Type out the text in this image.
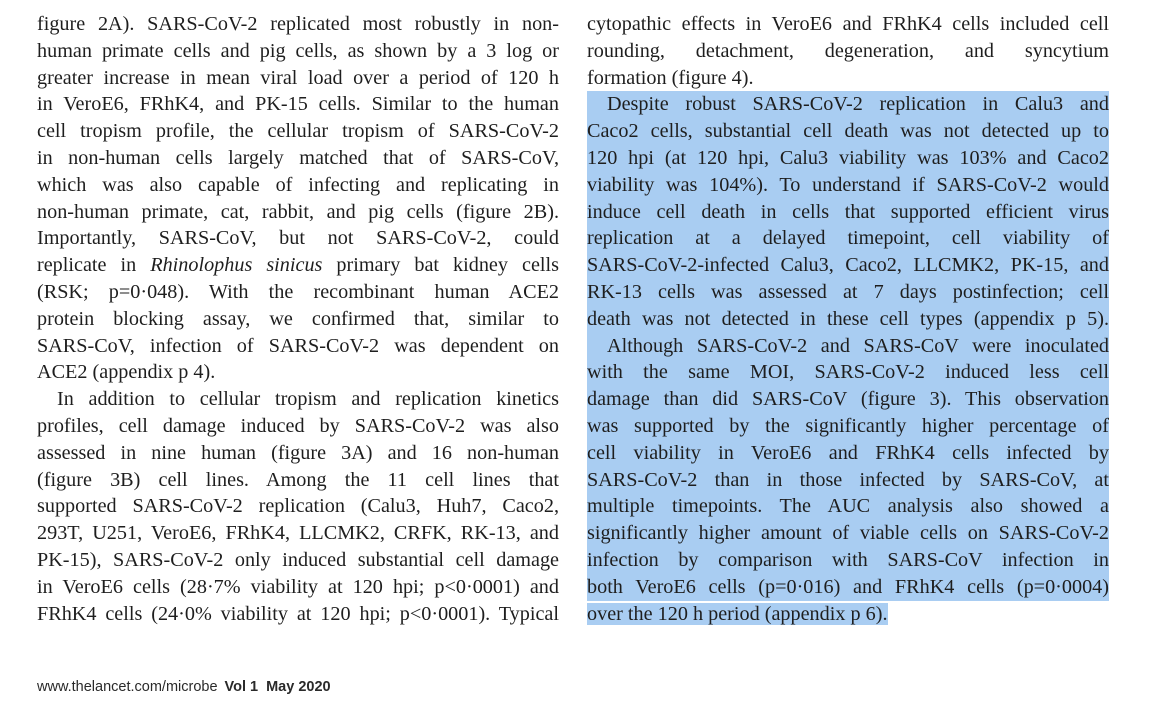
figure 2A). SARS-CoV-2 replicated most robustly in non-
human primate cells and pig cells, as shown by a 3 log or
greater increase in mean viral load over a period of 120 h
in VeroE6, FRhK4, and PK-15 cells. Similar to the human
cell tropism profile, the cellular tropism of SARS-CoV-2
in non-human cells largely matched that of SARS-CoV,
which was also capable of infecting and replicating in
non-human primate, cat, rabbit, and pig cells (figure 2B).
Importantly, SARS-CoV, but not SARS-CoV-2, could
replicate in Rhinolophus sinicus primary bat kidney cells
(RSK; p=0·048). With the recombinant human ACE2
protein blocking assay, we confirmed that, similar to
SARS-CoV, infection of SARS-CoV-2 was dependent on
ACE2 (appendix p 4).
In addition to cellular tropism and replication kinetics
profiles, cell damage induced by SARS-CoV-2 was also
assessed in nine human (figure 3A) and 16 non-human
(figure 3B) cell lines. Among the 11 cell lines that
supported SARS-CoV-2 replication (Calu3, Huh7, Caco2,
293T, U251, VeroE6, FRhK4, LLCMK2, CRFK, RK-13, and
PK-15), SARS-CoV-2 only induced substantial cell damage
in VeroE6 cells (28·7% viability at 120 hpi; p<0·0001) and
FRhK4 cells (24·0% viability at 120 hpi; p<0·0001). Typical
cytopathic effects in VeroE6 and FRhK4 cells included cell
rounding, detachment, degeneration, and syncytium
formation (figure 4).
Despite robust SARS-CoV-2 replication in Calu3 and
Caco2 cells, substantial cell death was not detected up to
120 hpi (at 120 hpi, Calu3 viability was 103% and Caco2
viability was 104%). To understand if SARS-CoV-2 would
induce cell death in cells that supported efficient virus
replication at a delayed timepoint, cell viability of
SARS-CoV-2-infected Calu3, Caco2, LLCMK2, PK-15, and
RK-13 cells was assessed at 7 days postinfection; cell
death was not detected in these cell types (appendix p 5).
Although SARS-CoV-2 and SARS-CoV were inoculated
with the same MOI, SARS-CoV-2 induced less cell
damage than did SARS-CoV (figure 3). This observation
was supported by the significantly higher percentage of
cell viability in VeroE6 and FRhK4 cells infected by
SARS-CoV-2 than in those infected by SARS-CoV, at
multiple timepoints. The AUC analysis also showed a
significantly higher amount of viable cells on SARS-CoV-2
infection by comparison with SARS-CoV infection in
both VeroE6 cells (p=0·016) and FRhK4 cells (p=0·0004)
over the 120 h period (appendix p 6).
www.thelancet.com/microbe Vol 1 May 2020
